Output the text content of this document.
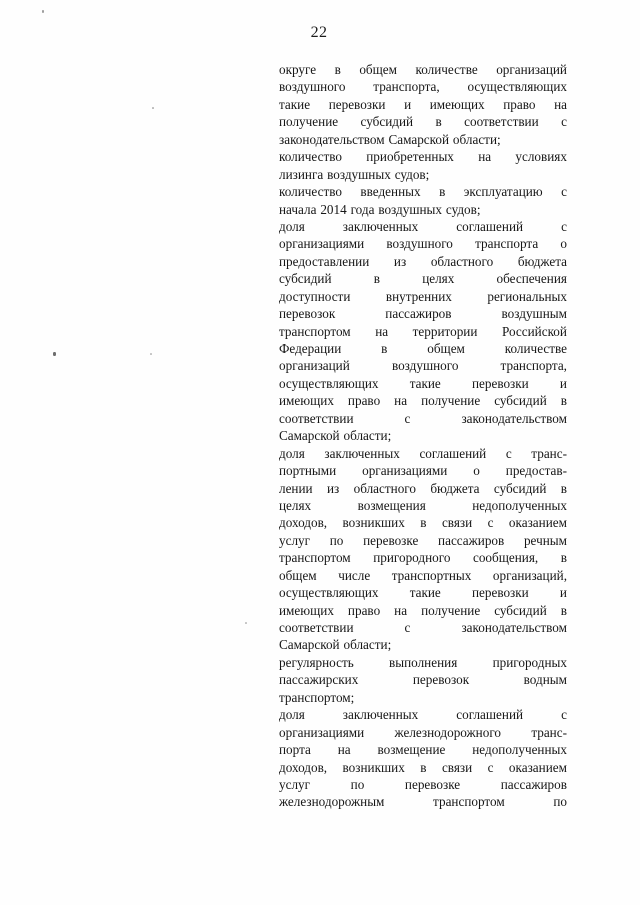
22
округе в общем количестве организаций
воздушного транспорта, осуществляющих
такие перевозки и имеющих право на
получение субсидий в соответствии с
законодательством Самарской области;
количество приобретенных на условиях
лизинга воздушных судов;
количество введенных в эксплуатацию с
начала 2014 года воздушных судов;
доля	заключенных	соглашений	с
организациями воздушного транспорта о
предоставлении из областного бюджета
субсидий	в	целях	обеспечения
доступности	внутренних	региональных
перевозок	пассажиров	воздушным
транспортом на территории Российской
Федерации	в	общем	количестве
организаций	воздушного	транспорта,
осуществляющих такие перевозки и
имеющих право на получение субсидий в
соответствии	с	законодательством
Самарской области;
доля заключенных соглашений с транс-
портными организациями о предостав-
лении из областного бюджета субсидий в
целях	возмещения	недополученных
доходов, возникших в связи с оказанием
услуг по перевозке пассажиров речным
транспортом пригородного сообщения, в
общем числе транспортных организаций,
осуществляющих такие перевозки и
имеющих право на получение субсидий в
соответствии	с	законодательством
Самарской области;
регулярность	выполнения	пригородных
пассажирских	перевозок	водным
транспортом;
доля	заключенных	соглашений	с
организациями железнодорожного транс-
порта на возмещение недополученных
доходов, возникших в связи с оказанием
услуг	по	перевозке	пассажиров
железнодорожным	транспортом	по
